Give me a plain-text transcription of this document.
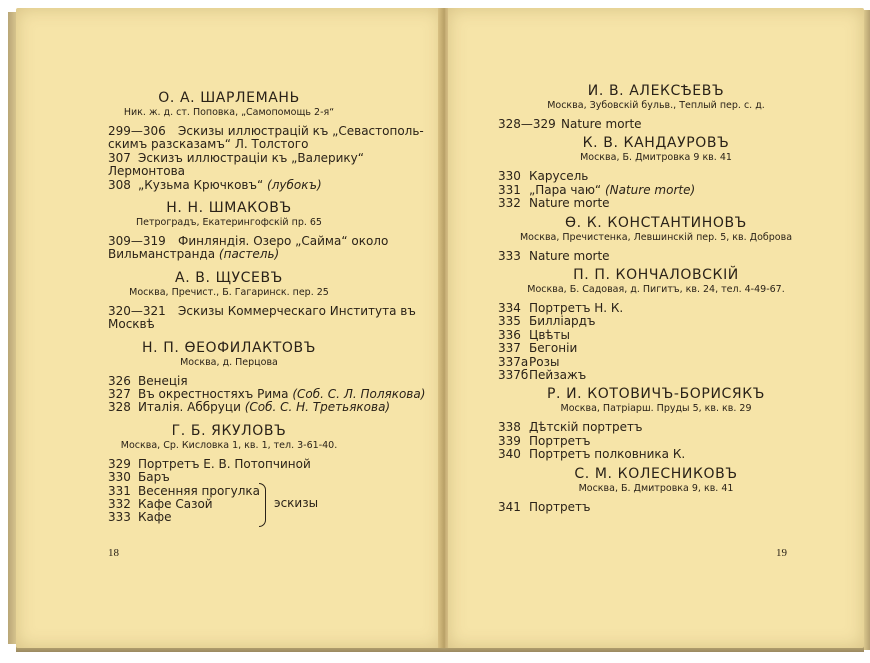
О. А. ШАРЛЕМАНЬ
Ник. ж. д. ст. Поповка, „Самопомощь 2-я“
299—306 Эскизы иллюстрацій къ „Севастополь-
скимъ разсказамъ“ Л. Толстого
307 Эскизъ иллюстраціи къ „Валерику“
Лермонтова
308 „Кузьма Крючковъ“ (лубокъ)
Н. Н. ШМАКОВЪ
Петроградъ, Екатерингофскій пр. 65
309—319 Финляндія. Озеро „Сайма“ около
Вильманстранда (пастель)
А. В. ЩУСЕВЪ
Москва, Пречист., Б. Гагаринск. пер. 25
320—321 Эскизы Коммерческаго Института въ
Москвѣ
Н. П. ѲЕОФИЛАКТОВЪ
Москва, д. Перцова
326 Венеція
327 Въ окрестностяхъ Рима (Соб. С. Л. Полякова)
328 Италія. Аббруци (Соб. С. Н. Третьякова)
Г. Б. ЯКУЛОВЪ
Москва, Ср. Кисловка 1, кв. 1, тел. 3-61-40.
329 Портретъ Е. В. Потопчиной
330 Баръ
331 Весенняя прогулка
332 Кафе Сазой
333 Кафе
эскизы
18
И. В. АЛЕКСѢЕВЪ
Москва, Зубовскій бульв., Теплый пер. с. д.
328—329 Nature morte
К. В. КАНДАУРОВЪ
Москва, Б. Дмитровка 9 кв. 41
330 Карусель
331 „Пара чаю“ (Nature morte)
332 Nature morte
Ѳ. К. КОНСТАНТИНОВЪ
Москва, Пречистенка, Левшинскій пер. 5, кв. Доброва
333 Nature morte
П. П. КОНЧАЛОВСКІЙ
Москва, Б. Садовая, д. Пигитъ, кв. 24, тел. 4-49-67.
334 Портретъ Н. К.
335 Билліардъ
336 Цвѣты
337 Бегоніи
337а Розы
337б Пейзажъ
Р. И. КОТОВИЧЪ-БОРИСЯКЪ
Москва, Патріарш. Пруды 5, кв. кв. 29
338 Дѣтскій портретъ
339 Портретъ
340 Портретъ полковника К.
С. М. КОЛЕСНИКОВЪ
Москва, Б. Дмитровка 9, кв. 41
341 Портретъ
19
